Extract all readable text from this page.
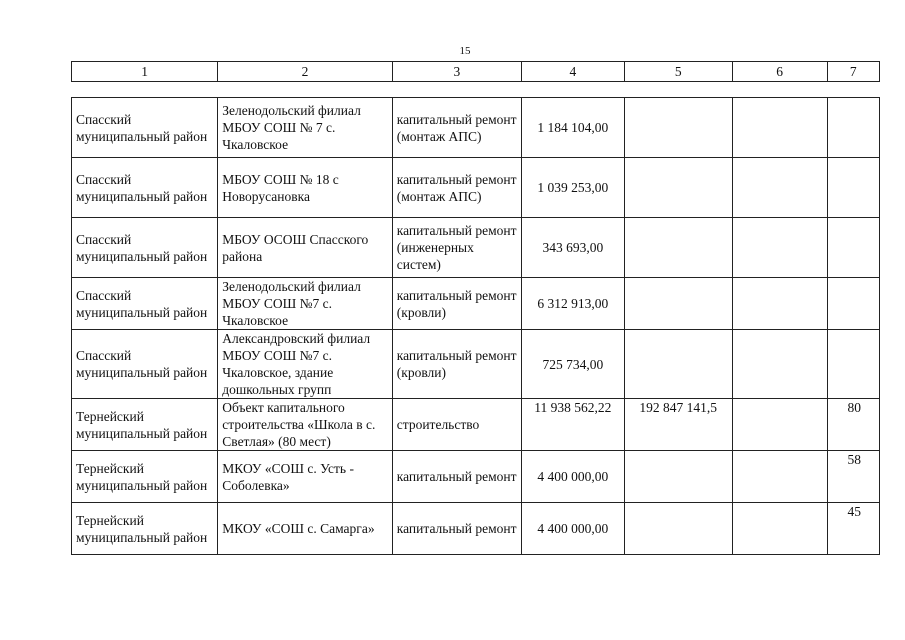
15
1	2	3	4	5	6	7
Спасский муниципальный район	Зеленодольский филиал МБОУ СОШ № 7 с. Чкаловское	капитальный ремонт (монтаж АПС)	1 184 104,00			
Спасский муниципальный район	МБОУ СОШ № 18 с Новорусановка	капитальный ремонт (монтаж АПС)	1 039 253,00			
Спасский муниципальный район	МБОУ ОСОШ Спасского района	капитальный ремонт (инженерных систем)	343 693,00			
Спасский муниципальный район	Зеленодольский филиал МБОУ СОШ №7 с. Чкаловское	капитальный ремонт (кровли)	6 312 913,00			
Спасский муниципальный район	Александровский филиал МБОУ СОШ №7 с. Чкаловское, здание дошкольных групп	капитальный ремонт (кровли)	725 734,00			
Тернейский муниципальный район	Объект капитального строительства «Школа в с. Светлая» (80 мест)	строительство	11 938 562,22	192 847 141,5		80
Тернейский муниципальный район	МКОУ «СОШ с. Усть - Соболевка»	капитальный ремонт	4 400 000,00			58
Тернейский муниципальный район	МКОУ «СОШ с. Самарга»	капитальный ремонт	4 400 000,00			45
